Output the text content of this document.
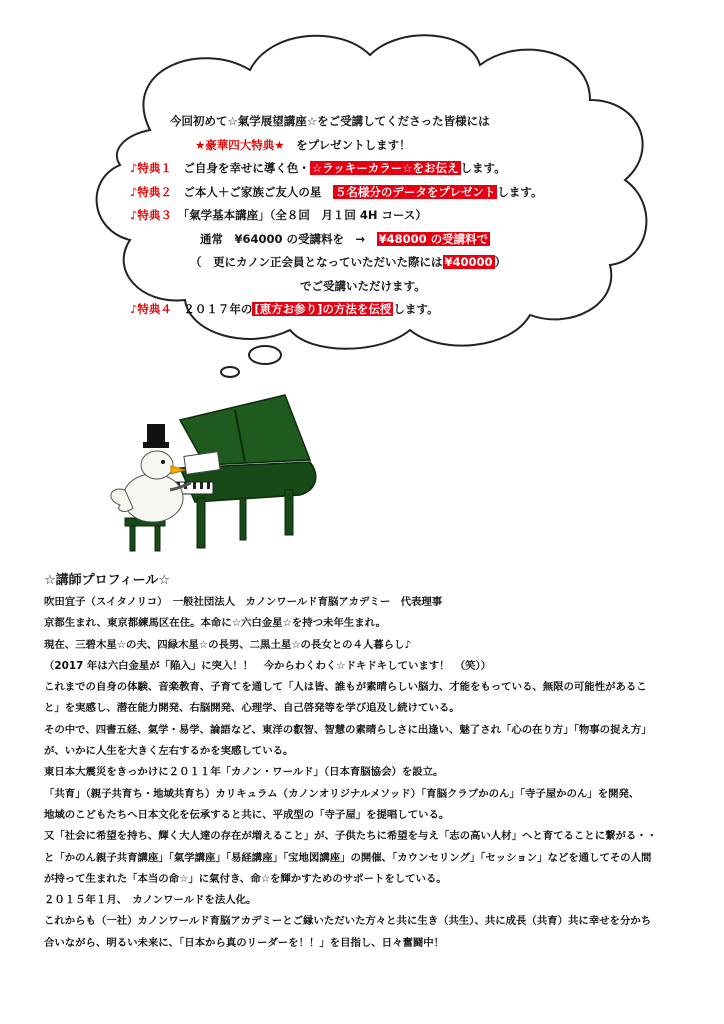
今回初めて☆氣学展望講座☆をご受講してくださった皆様には
★豪華四大特典★　 をプレゼントします！
♪特典１　 ご自身を幸せに導く色・ ☆ラッキーカラー☆をお伝え します。
♪特典２　 ご本人＋ご家族ご友人の星　 ５名様分のデータをプレゼント します。
♪特典３　 「氣学基本講座」（全８回　月１回 4H コース）
通常　¥64000 の受講料を　→　 ¥48000 の受講料で
（　更にカノン正会員となっていただいた際には ¥40000 ）
でご受講いただけます。
♪特典４　 ２０１７年の [恵方お参り]の方法を伝授 します。
☆講師プロフィール☆

吹田宜子（スイタノリコ）　一般社団法人　カノンワールド育脳アカデミー　代表理事

京都生まれ、東京都練馬区在住。本命に☆六白金星☆を持つ未年生まれ。

現在、三碧木星☆の夫、四緑木星☆の長男、二黒土星☆の長女との４人暮らし♪

（2017 年は六白金星が「陥入」に突入！！　今からわくわく☆ドキドキしています！　（笑））

これまでの自身の体験、音楽教育、子育てを通して「人は皆、誰もが素晴らしい脳力、才能をもっている、無限の可能性があるこ

と」を実感し、潜在能力開発、右脳開発、心理学、自己啓発等を学び追及し続けている。

その中で、四書五経、氣学・易学、論語など、東洋の叡智、智慧の素晴らしさに出逢い、魅了され「心の在り方」「物事の捉え方」

が、いかに人生を大きく左右するかを実感している。

東日本大震災をきっかけに２０１１年「カノン・ワールド」（日本育脳協会）を設立。

「共育」（親子共育ち・地域共育ち）カリキュラム（カノンオリジナルメソッド）「育脳クラブかのん」「寺子屋かのん」を開発、

地域のこどもたちへ日本文化を伝承すると共に、平成型の「寺子屋」を提唱している。

又「社会に希望を持ち、輝く大人達の存在が増えること」が、子供たちに希望を与え「志の高い人材」へと育てることに繋がる・・

と「かのん親子共育講座」「氣学講座」「易経講座」「宝地図講座」の開催、「カウンセリング」「セッション」などを通してその人間

が持って生まれた「本当の命☆」に氣付き、命☆を輝かすためのサポートをしている。

２０１５年１月、　カノンワールドを法人化。

これからも（一社）カノンワールド育脳アカデミーとご縁いただいた方々と共に生き（共生）、共に成長（共育）共に幸せを分かち

合いながら、明るい未来に、「日本から真のリーダーを！！」を目指し、日々奮闘中！
